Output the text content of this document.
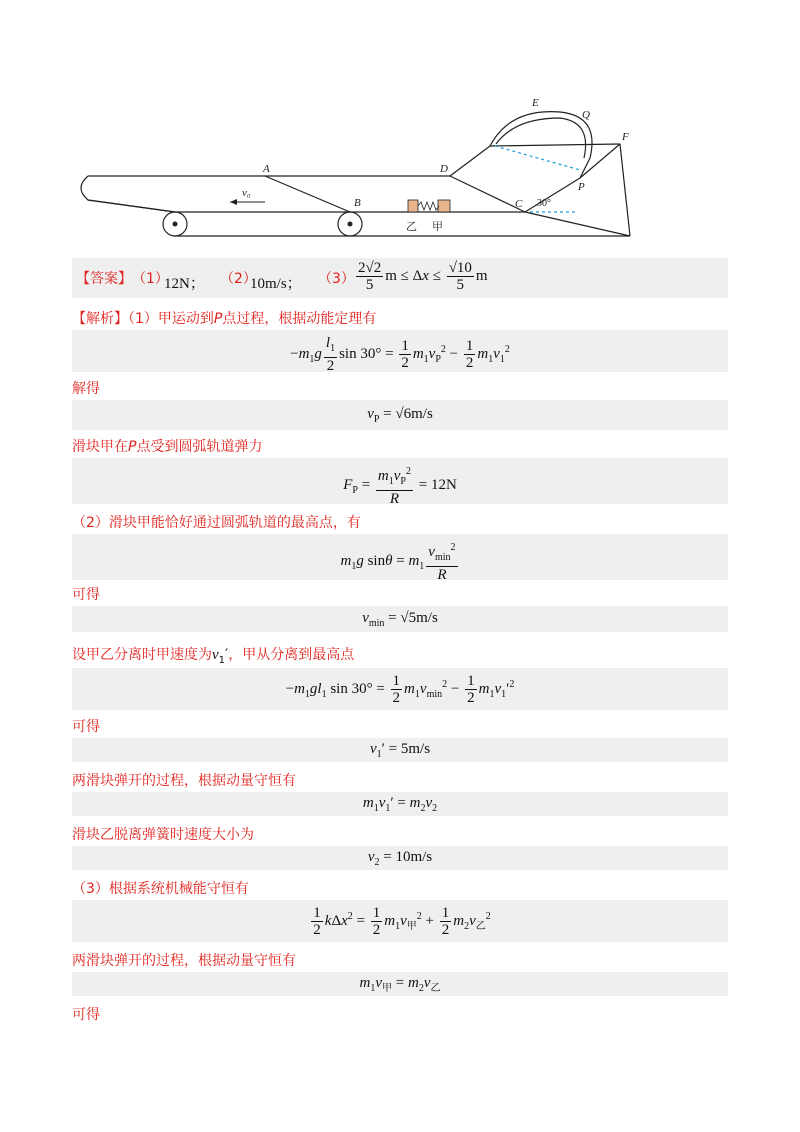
A
B	C
D
E
F
P
Q
v₀
30°
乙 甲
【答案】 （1）
12N； （2）
10m/s； $(3) \frac{2√2}{5}$ $m \le \Delta x \le \frac{√10}{5}$ m
【解析】（1）甲运动到P点过程，根据动能定理有
$-m_1g \frac{l_1}{2}$ $\sin 30^\circ = \frac{1}{2} m_1v_P^2 - \frac{1}{2} m_1v_1^2$
解得
$v_P = √6m/s$
滑块甲在P点受到圆弧轨道弹力
$F_P = \frac{m_1v_P^2}{R} = 12N$
（2）滑块甲能恰好通过圆弧轨道的最高点，有
$m_1g$ $\sin\theta = m_1 \frac{v_{min}^2}{R}$
可得
$v_{min} = √5m/s$
设甲乙分离时甲速度为$v_1'$，甲从分离到最高点
$-m_1gl_1$ $\sin 30^\circ = \frac{1}{2} m_1v_{min}^2 - \frac{1}{2} m_1v_1'^2$
可得
$v_1' = 5m/s$
两滑块弹开的过程，根据动量守恒有
$m_1v_1' = m_2v_2$
滑块乙脱离弹簧时速度大小为
$v_2 = 10m/s$
（3）根据系统机械能守恒有
$\frac{1}{2} k\Delta x^2 = \frac{1}{2} m_1v_甲^2 + \frac{1}{2} m_2v_乙^2$
两滑块弹开的过程，根据动量守恒有
$m_1v_甲 = m_2v_乙$
可得
